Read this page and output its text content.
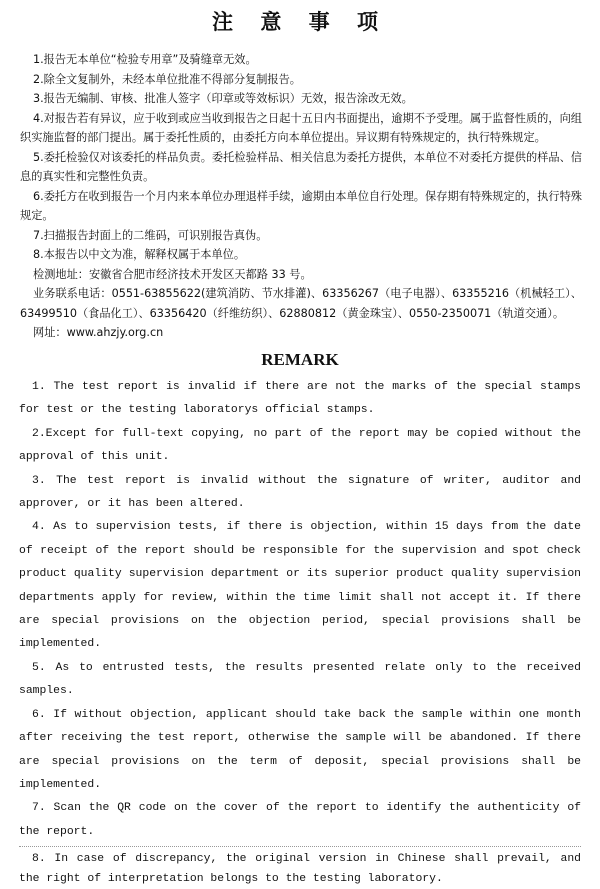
注 意 事 项

1.报告无本单位“检验专用章”及骑缝章无效。

2.除全文复制外，未经本单位批准不得部分复制报告。

3.报告无编制、审核、批准人签字（印章或等效标识）无效，报告涂改无效。

4.对报告若有异议，应于收到或应当收到报告之日起十五日内书面提出，逾期不予受理。属于监督性质的，向组织实施监督的部门提出。属于委托性质的，由委托方向本单位提出。异议期有特殊规定的，执行特殊规定。

5.委托检验仅对该委托的样品负责。委托检验样品、相关信息为委托方提供，本单位不对委托方提供的样品、信息的真实性和完整性负责。

6.委托方在收到报告一个月内来本单位办理退样手续，逾期由本单位自行处理。保存期有特殊规定的，执行特殊规定。

7.扫描报告封面上的二维码，可识别报告真伪。

8.本报告以中文为准，解释权属于本单位。

检测地址：安徽省合肥市经济技术开发区天都路 33 号。

业务联系电话：0551-63855622(建筑消防、节水排灌)、63356267（电子电器）、63355216（机械轻工）、63499510（食品化工）、63356420（纤维纺织）、62880812（黄金珠宝）、0550-2350071（轨道交通）。

网址：www.ahzjy.org.cn

REMARK

1. The test report is invalid if there are not the marks of the special stamps for test or the testing laboratorys official stamps.

2.Except for full-text copying, no part of the report may be copied without the approval of this unit.

3. The test report is invalid without the signature of writer, auditor and approver, or it has been altered.

4. As to supervision tests, if there is objection, within 15 days from the date of receipt of the report should be responsible for the supervision and spot check product quality supervision department or its superior product quality supervision departments apply for review, within the time limit shall not accept it. If there are special provisions on the objection period, special provisions shall be implemented.

5. As to entrusted tests, the results presented relate only to the received samples.

6. If without objection, applicant should take back the sample within one month after receiving the test report, otherwise the sample will be abandoned. If there are special provisions on the term of deposit, special provisions shall be implemented.

7. Scan the QR code on the cover of the report to identify the authenticity of the report.

8. In case of discrepancy, the original version in Chinese shall prevail, and the right of interpretation belongs to the testing laboratory.
